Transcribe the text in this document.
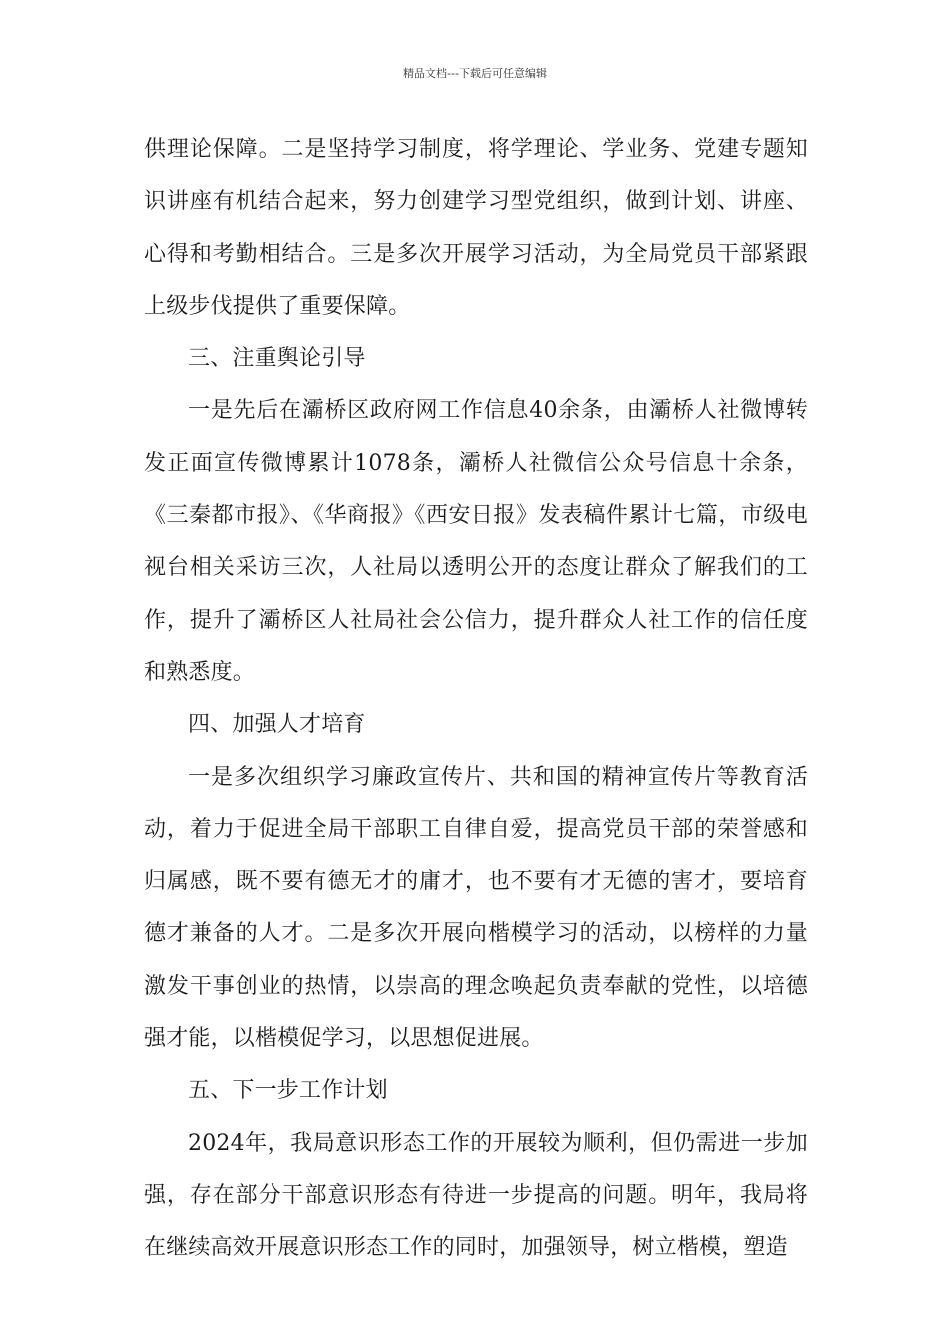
精品文档---下载后可任意编辑

供理论保障。二是坚持学习制度，将学理论、学业务、党建专题知识讲座有机结合起来，努力创建学习型党组织，做到计划、讲座、心得和考勤相结合。三是多次开展学习活动，为全局党员干部紧跟上级步伐提供了重要保障。

三、注重舆论引导

一是先后在灞桥区政府网工作信息40余条，由灞桥人社微博转发正面宣传微博累计1078条，灞桥人社微信公众号信息十余条，《三秦都市报》、《华商报》《西安日报》发表稿件累计七篇，市级电视台相关采访三次，人社局以透明公开的态度让群众了解我们的工作，提升了灞桥区人社局社会公信力，提升群众人社工作的信任度和熟悉度。

四、加强人才培育

一是多次组织学习廉政宣传片、共和国的精神宣传片等教育活动，着力于促进全局干部职工自律自爱，提高党员干部的荣誉感和归属感，既不要有德无才的庸才，也不要有才无德的害才，要培育德才兼备的人才。二是多次开展向楷模学习的活动，以榜样的力量激发干事创业的热情，以崇高的理念唤起负责奉献的党性，以培德强才能，以楷模促学习，以思想促进展。

五、下一步工作计划

2024年，我局意识形态工作的开展较为顺利，但仍需进一步加强，存在部分干部意识形态有待进一步提高的问题。明年，我局将在继续高效开展意识形态工作的同时，加强领导，树立楷模，塑造
